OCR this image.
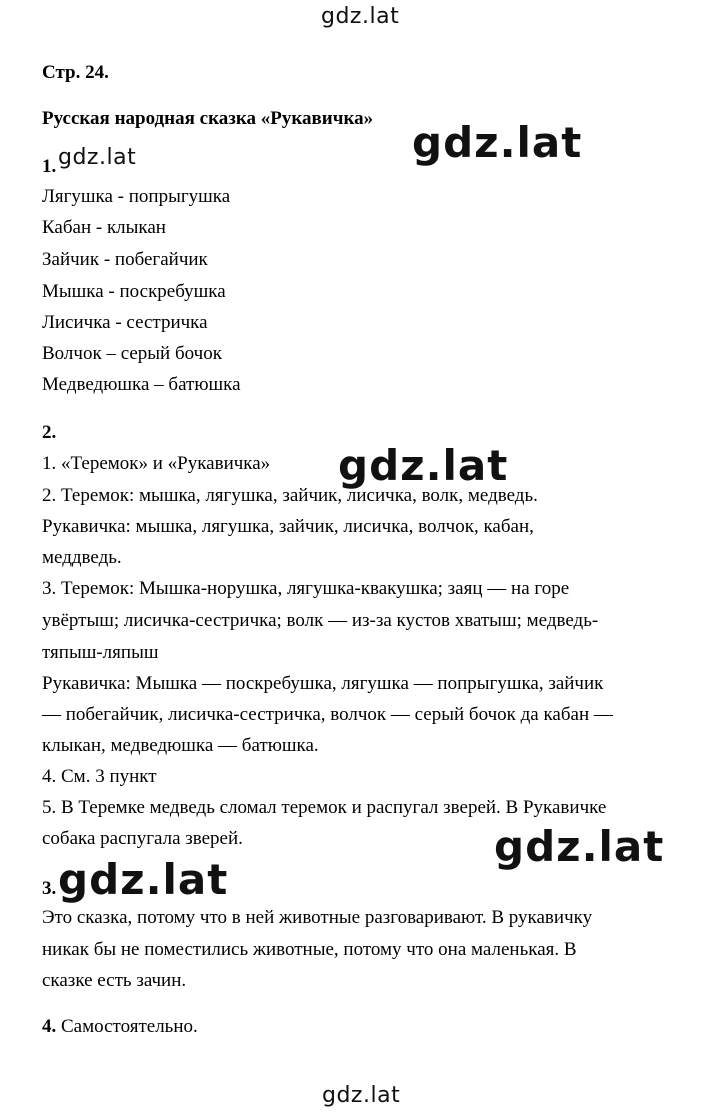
gdz.lat
Стр. 24.
Русская народная сказка «Рукавичка» gdz.lat
1. gdz.lat
Лягушка - попрыгушка
Кабан - клыкан
Зайчик - побегайчик
Мышка - поскребушка
Лисичка - сестричка
Волчок – серый бочок
Медведюшка – батюшка
2.
1. «Теремок» и «Рукавичка» gdz.lat
2. Теремок: мышка, лягушка, зайчик, лисичка, волк, медведь.
Рукавичка: мышка, лягушка, зайчик, лисичка, волчок, кабан,
меддведь.
3. Теремок: Мышка-норушка, лягушка-квакушка; заяц — на горе
увёртыш; лисичка-сестричка; волк — из-за кустов хватыш; медведь-
тяпыш-ляпыш
Рукавичка: Мышка — поскребушка, лягушка — попрыгушка, зайчик
— побегайчик, лисичка-сестричка, волчок — серый бочок да кабан —
клыкан, медведюшка — батюшка.
4. См. 3 пункт
5. В Теремке медведь сломал теремок и распугал зверей. В Рукавичке
собака распугала зверей.	gdz.lat
3. gdz.lat
Это сказка, потому что в ней животные разговаривают. В рукавичку
никак бы не поместились животные, потому что она маленькая. В
сказке есть зачин.
4. Самостоятельно.
gdz.lat
